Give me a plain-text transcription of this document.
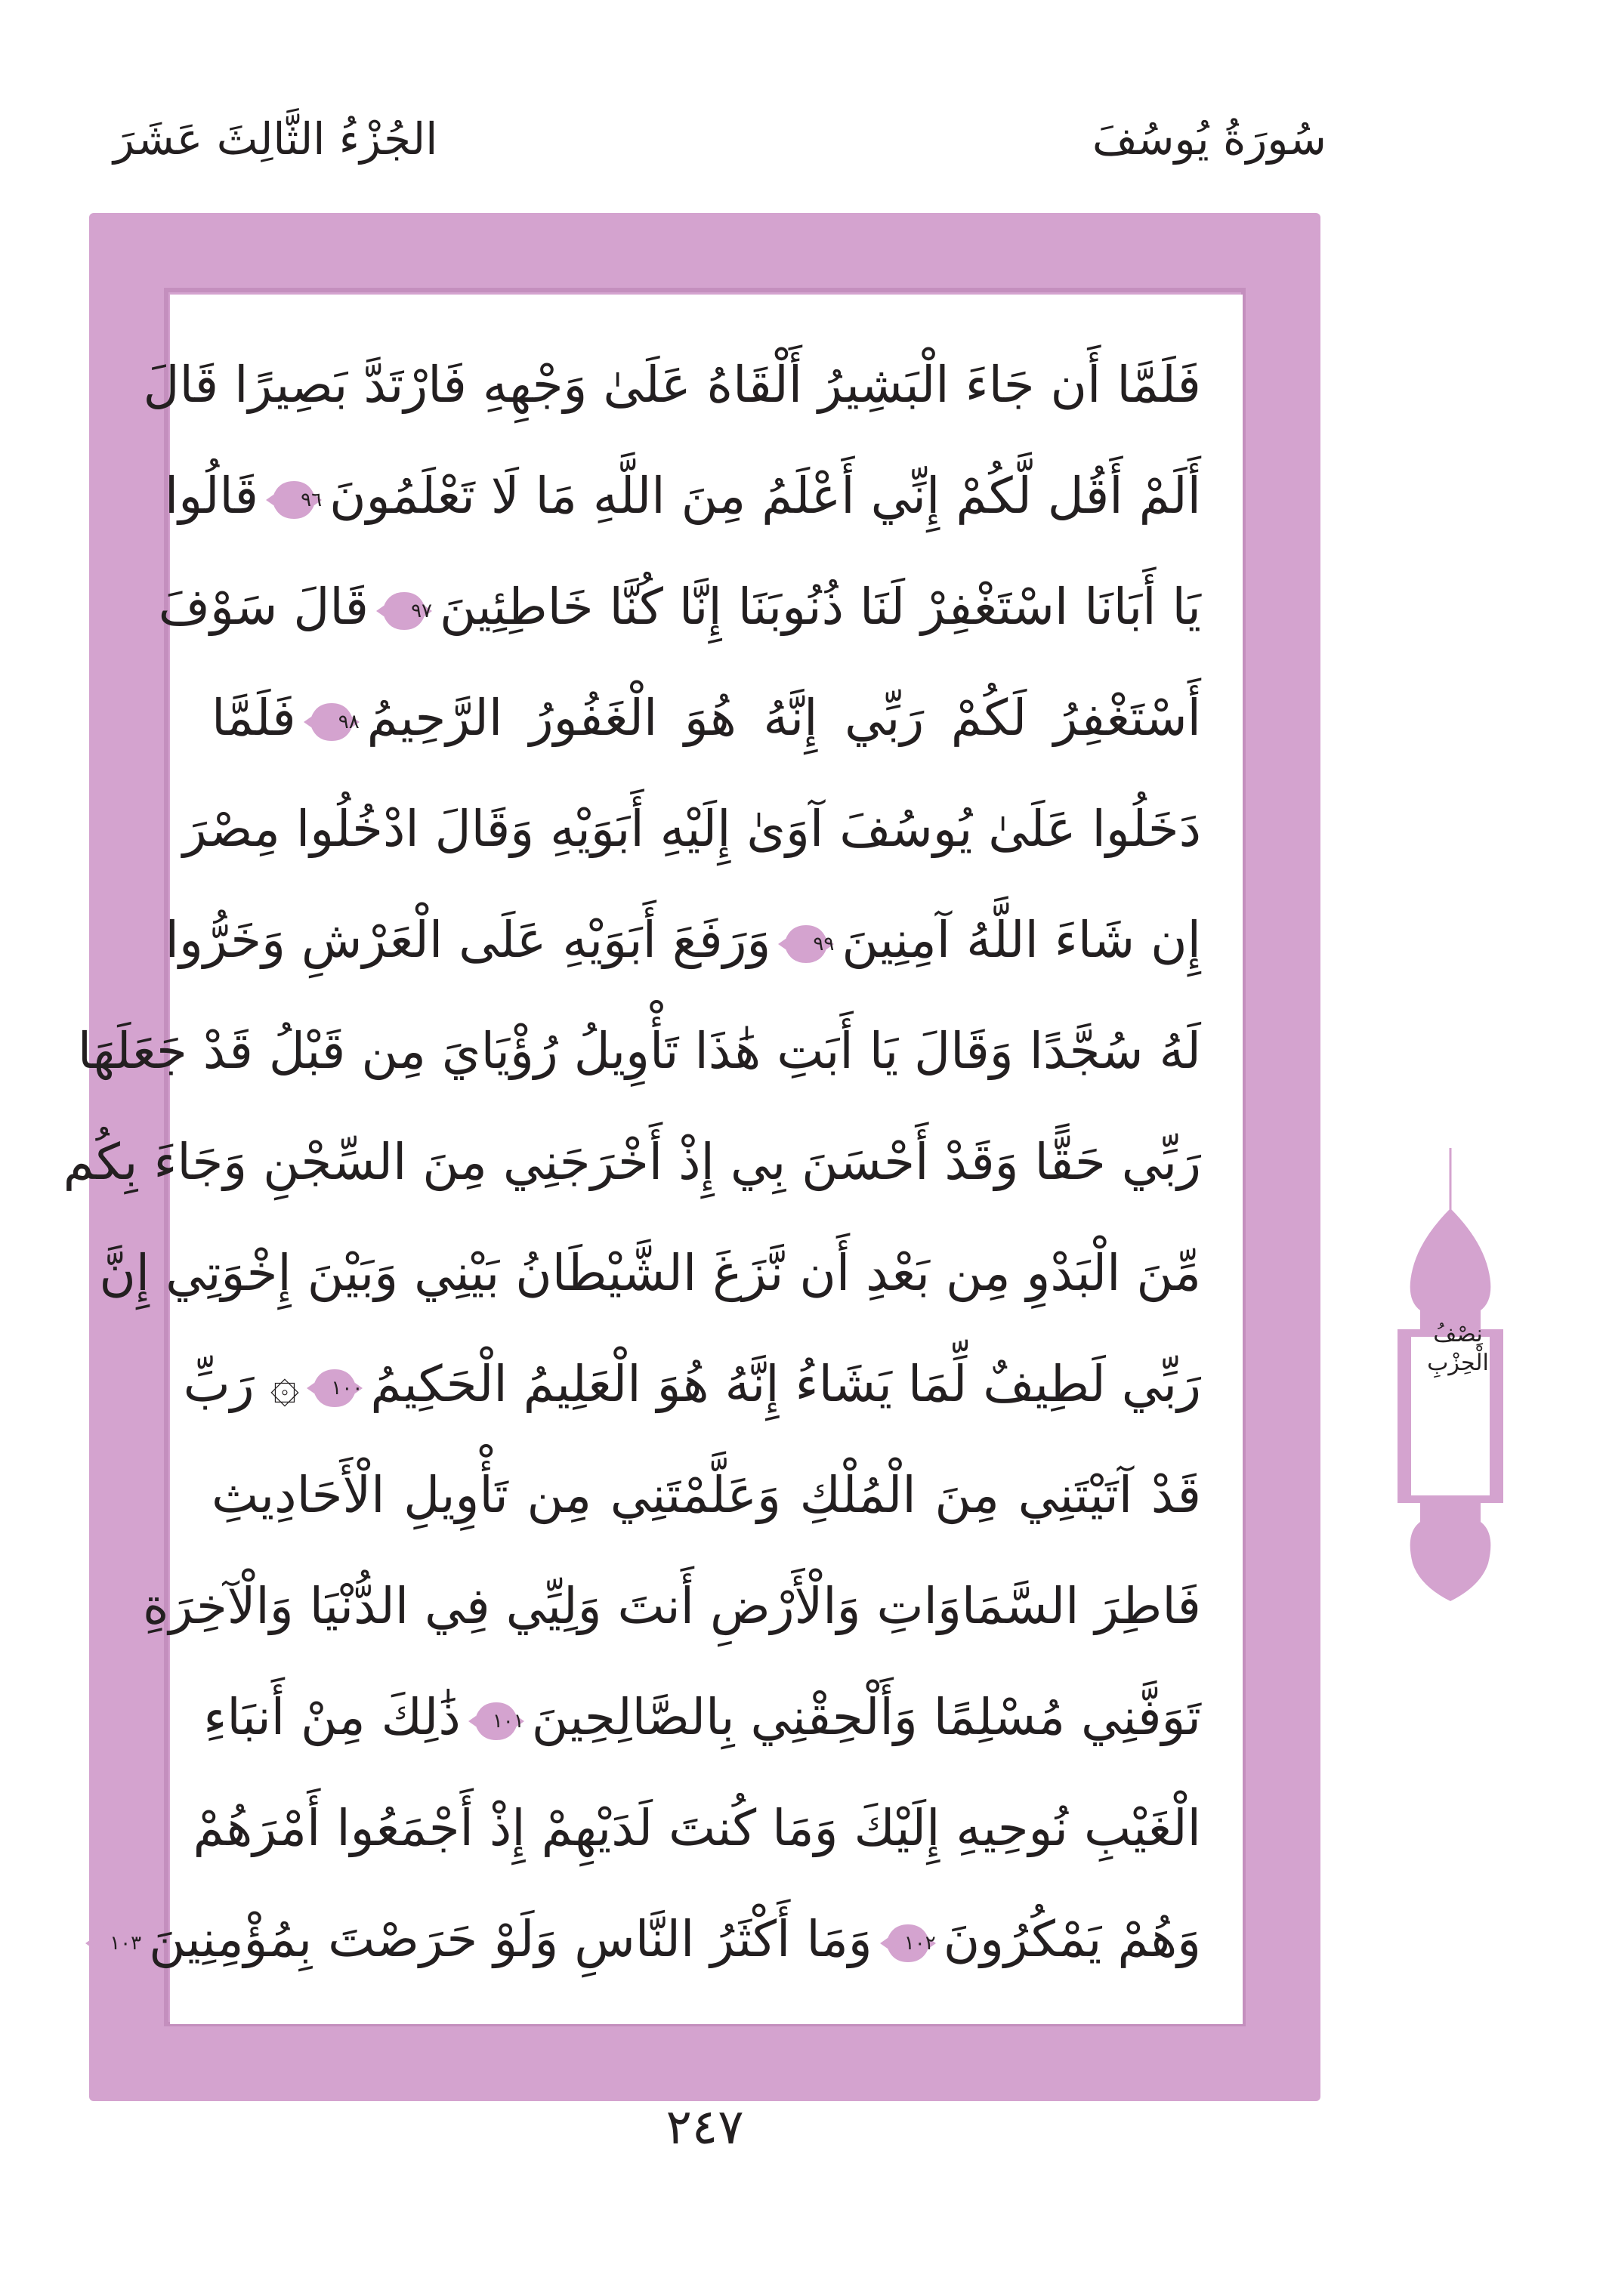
سُورَةُ يُوسُفَ
الجُزْءُ الثَّالِثَ عَشَرَ
فَلَمَّا أَن جَاءَ الْبَشِيرُ أَلْقَاهُ عَلَىٰ وَجْهِهِ فَارْتَدَّ بَصِيرًا قَالَ
أَلَمْ أَقُل لَّكُمْ إِنِّي أَعْلَمُ مِنَ اللَّهِ مَا لَا تَعْلَمُونَ
٩٦
قَالُوا
يَا أَبَانَا اسْتَغْفِرْ لَنَا ذُنُوبَنَا إِنَّا كُنَّا خَاطِئِينَ
٩٧
قَالَ سَوْفَ
أَسْتَغْفِرُ لَكُمْ رَبِّي إِنَّهُ هُوَ الْغَفُورُ الرَّحِيمُ
٩٨
فَلَمَّا
دَخَلُوا عَلَىٰ يُوسُفَ آوَىٰ إِلَيْهِ أَبَوَيْهِ وَقَالَ ادْخُلُوا مِصْرَ
إِن شَاءَ اللَّهُ آمِنِينَ
٩٩
وَرَفَعَ أَبَوَيْهِ عَلَى الْعَرْشِ وَخَرُّوا
لَهُ سُجَّدًا وَقَالَ يَا أَبَتِ هَٰذَا تَأْوِيلُ رُؤْيَايَ مِن قَبْلُ قَدْ جَعَلَهَا
رَبِّي حَقًّا وَقَدْ أَحْسَنَ بِي إِذْ أَخْرَجَنِي مِنَ السِّجْنِ وَجَاءَ بِكُم
مِّنَ الْبَدْوِ مِن بَعْدِ أَن نَّزَغَ الشَّيْطَانُ بَيْنِي وَبَيْنَ إِخْوَتِي إِنَّ
رَبِّي لَطِيفٌ لِّمَا يَشَاءُ إِنَّهُ هُوَ الْعَلِيمُ الْحَكِيمُ
١٠٠
۞ رَبِّ
قَدْ آتَيْتَنِي مِنَ الْمُلْكِ وَعَلَّمْتَنِي مِن تَأْوِيلِ الْأَحَادِيثِ
فَاطِرَ السَّمَاوَاتِ وَالْأَرْضِ أَنتَ وَلِيِّي فِي الدُّنْيَا وَالْآخِرَةِ
تَوَفَّنِي مُسْلِمًا وَأَلْحِقْنِي بِالصَّالِحِينَ
١٠١
ذَٰلِكَ مِنْ أَنبَاءِ
الْغَيْبِ نُوحِيهِ إِلَيْكَ وَمَا كُنتَ لَدَيْهِمْ إِذْ أَجْمَعُوا أَمْرَهُمْ
وَهُمْ يَمْكُرُونَ
١٠٢
وَمَا أَكْثَرُ النَّاسِ وَلَوْ حَرَصْتَ بِمُؤْمِنِينَ
١٠٣
نِصْفُ
الْحِزْبِ
٢٤٧
